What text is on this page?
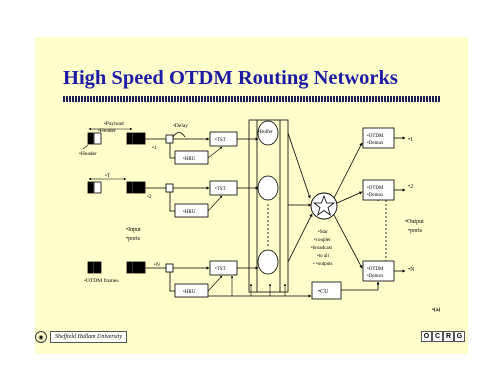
High Speed OTDM Routing Networks
•Payload
•Header
•Header
•T
•Delay
•1
•2
•N
•Input
•ports
•OTDM frames
•TST
•TST
•TST
•HRU
•HRU
•HRU
•Buffer
•Star
•coupler
•broadcast
•to all
• •outputs
•CU
•OTDM
•Demux
•OTDM
•Demux
•OTDM
•Demux
•1
•2
•N
•Output
•ports
•(a)
◉	Sheffield Hallam University	O C R G
